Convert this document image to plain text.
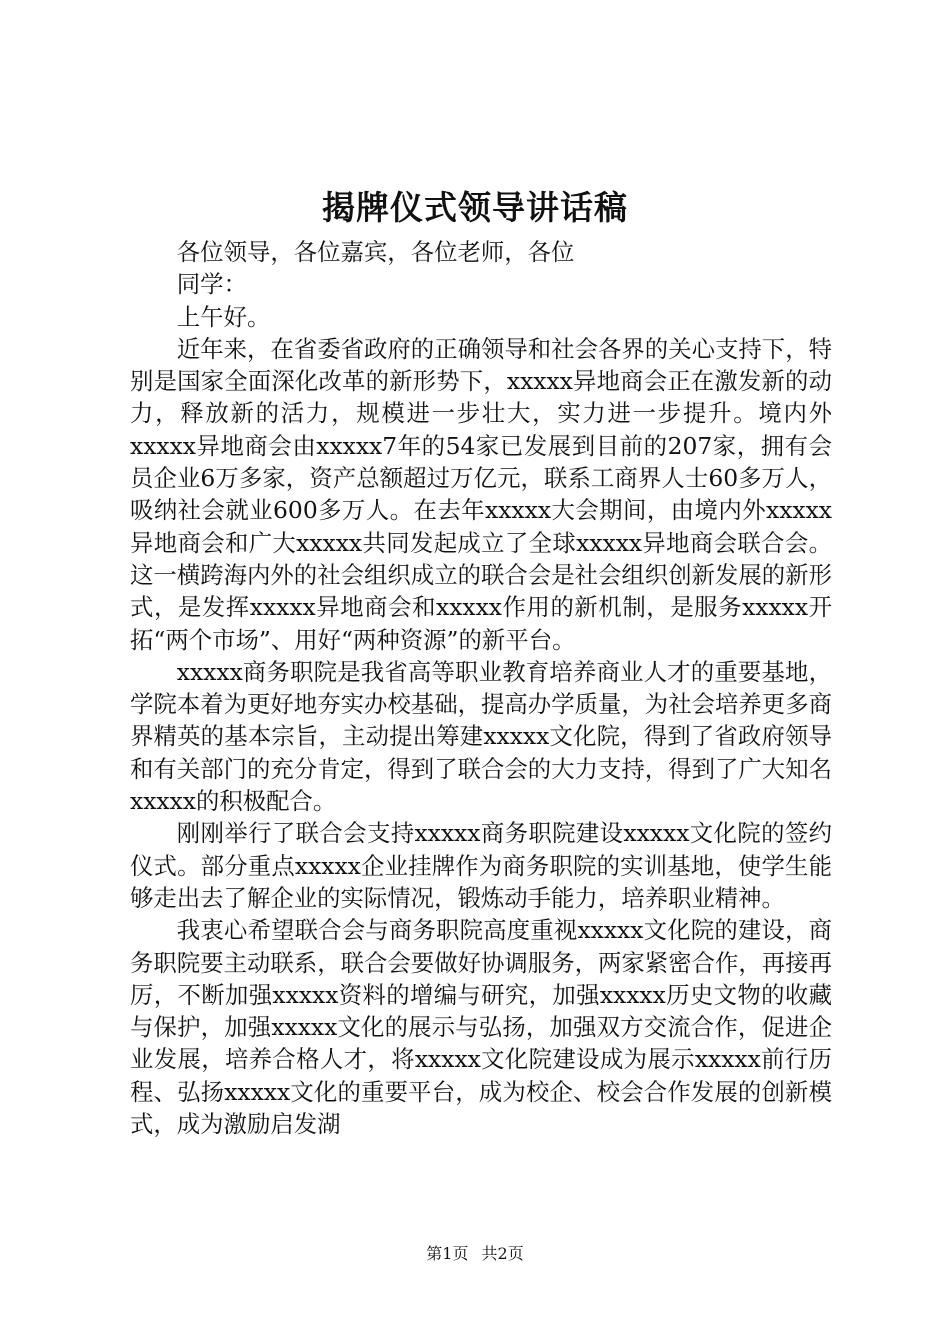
揭牌仪式领导讲话稿

各位领导，各位嘉宾，各位老师，各位

同学：

上午好。

近年来，在省委省政府的正确领导和社会各界的关心支持下，特别是国家全面深化改革的新形势下，xxxxx异地商会正在激发新的动力，释放新的活力，规模进一步壮大，实力进一步提升。境内外xxxxx异地商会由xxxxx7年的54家已发展到目前的207家，拥有会员企业6万多家，资产总额超过万亿元，联系工商界人士60多万人，吸纳社会就业600多万人。在去年xxxxx大会期间，由境内外xxxxx异地商会和广大xxxxx共同发起成立了全球xxxxx异地商会联合会。这一横跨海内外的社会组织成立的联合会是社会组织创新发展的新形式，是发挥xxxxx异地商会和xxxxx作用的新机制，是服务xxxxx开拓“两个市场”、用好“两种资源”的新平台。

xxxxx商务职院是我省高等职业教育培养商业人才的重要基地，学院本着为更好地夯实办校基础，提高办学质量，为社会培养更多商界精英的基本宗旨，主动提出筹建xxxxx文化院，得到了省政府领导和有关部门的充分肯定，得到了联合会的大力支持，得到了广大知名xxxxx的积极配合。

刚刚举行了联合会支持xxxxx商务职院建设xxxxx文化院的签约仪式。部分重点xxxxx企业挂牌作为商务职院的实训基地，使学生能够走出去了解企业的实际情况，锻炼动手能力，培养职业精神。

我衷心希望联合会与商务职院高度重视xxxxx文化院的建设，商务职院要主动联系，联合会要做好协调服务，两家紧密合作，再接再厉，不断加强xxxxx资料的增编与研究，加强xxxxx历史文物的收藏与保护，加强xxxxx文化的展示与弘扬，加强双方交流合作，促进企业发展，培养合格人才，将xxxxx文化院建设成为展示xxxxx前行历程、弘扬xxxxx文化的重要平台，成为校企、校会合作发展的创新模式，成为激励启发湖

第1页 共2页
